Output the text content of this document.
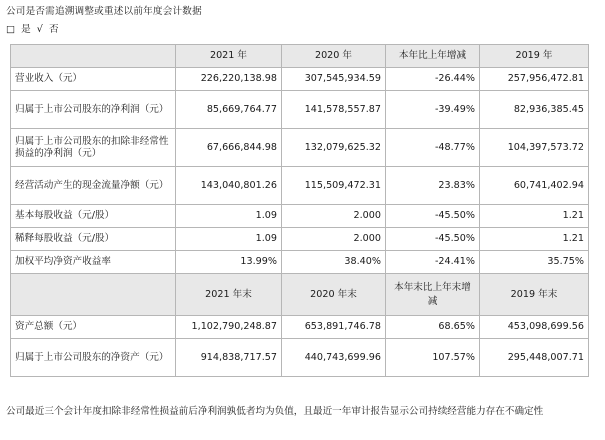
公司是否需追溯调整或重述以前年度会计数据
□ 是 √ 否
	2021 年	2020 年	本年比上年增减	2019 年
营业收入（元）	226,220,138.98	307,545,934.59	-26.44%	257,956,472.81
归属于上市公司股东的净利润（元）	85,669,764.77	141,578,557.87	-39.49%	82,936,385.45
归属于上市公司股东的扣除非经常性损益的净利润（元）	67,666,844.98	132,079,625.32	-48.77%	104,397,573.72
经营活动产生的现金流量净额（元）	143,040,801.26	115,509,472.31	23.83%	60,741,402.94
基本每股收益（元/股）	1.09	2.000	-45.50%	1.21
稀释每股收益（元/股）	1.09	2.000	-45.50%	1.21
加权平均净资产收益率	13.99%	38.40%	-24.41%	35.75%
	2021 年末	2020 年末	本年末比上年末增减	2019 年末
资产总额（元）	1,102,790,248.87	653,891,746.78	68.65%	453,098,699.56
归属于上市公司股东的净资产（元）	914,838,717.57	440,743,699.96	107.57%	295,448,007.71
公司最近三个会计年度扣除非经常性损益前后净利润孰低者均为负值，且最近一年审计报告显示公司持续经营能力存在不确定性
